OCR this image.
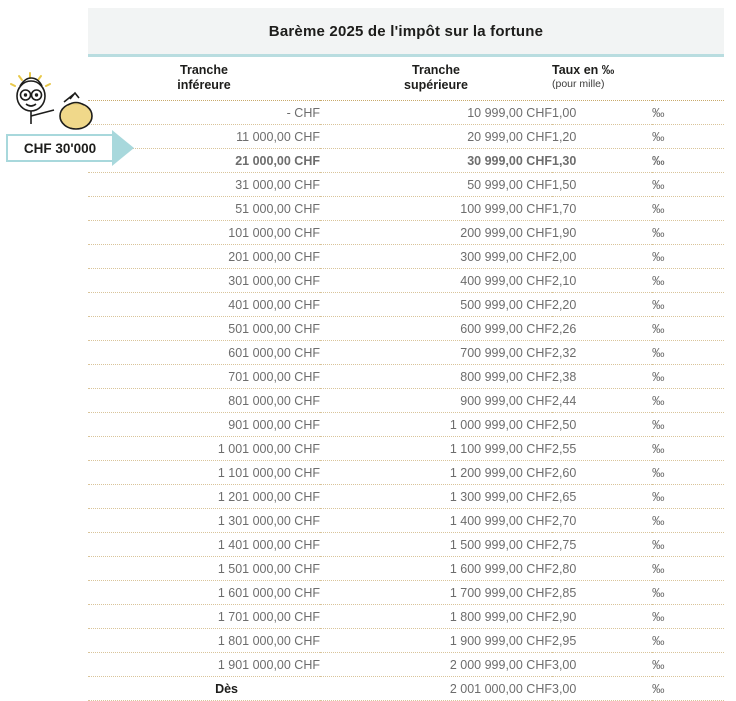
Barème 2025 de l'impôt sur la fortune
Tranche
inféreure	Tranche
supérieure	Taux en ‰
(pour mille)	

- CHF	10 999,00 CHF	1,00	‰
11 000,00 CHF	20 999,00 CHF	1,20	‰
21 000,00 CHF	30 999,00 CHF	1,30	‰
31 000,00 CHF	50 999,00 CHF	1,50	‰
51 000,00 CHF	100 999,00 CHF	1,70	‰
101 000,00 CHF	200 999,00 CHF	1,90	‰
201 000,00 CHF	300 999,00 CHF	2,00	‰
301 000,00 CHF	400 999,00 CHF	2,10	‰
401 000,00 CHF	500 999,00 CHF	2,20	‰
501 000,00 CHF	600 999,00 CHF	2,26	‰
601 000,00 CHF	700 999,00 CHF	2,32	‰
701 000,00 CHF	800 999,00 CHF	2,38	‰
801 000,00 CHF	900 999,00 CHF	2,44	‰
901 000,00 CHF	1 000 999,00 CHF	2,50	‰
1 001 000,00 CHF	1 100 999,00 CHF	2,55	‰
1 101 000,00 CHF	1 200 999,00 CHF	2,60	‰
1 201 000,00 CHF	1 300 999,00 CHF	2,65	‰
1 301 000,00 CHF	1 400 999,00 CHF	2,70	‰
1 401 000,00 CHF	1 500 999,00 CHF	2,75	‰
1 501 000,00 CHF	1 600 999,00 CHF	2,80	‰
1 601 000,00 CHF	1 700 999,00 CHF	2,85	‰
1 701 000,00 CHF	1 800 999,00 CHF	2,90	‰
1 801 000,00 CHF	1 900 999,00 CHF	2,95	‰
1 901 000,00 CHF	2 000 999,00 CHF	3,00	‰
Dès	2 001 000,00 CHF	3,00	‰
CHF 30'000
